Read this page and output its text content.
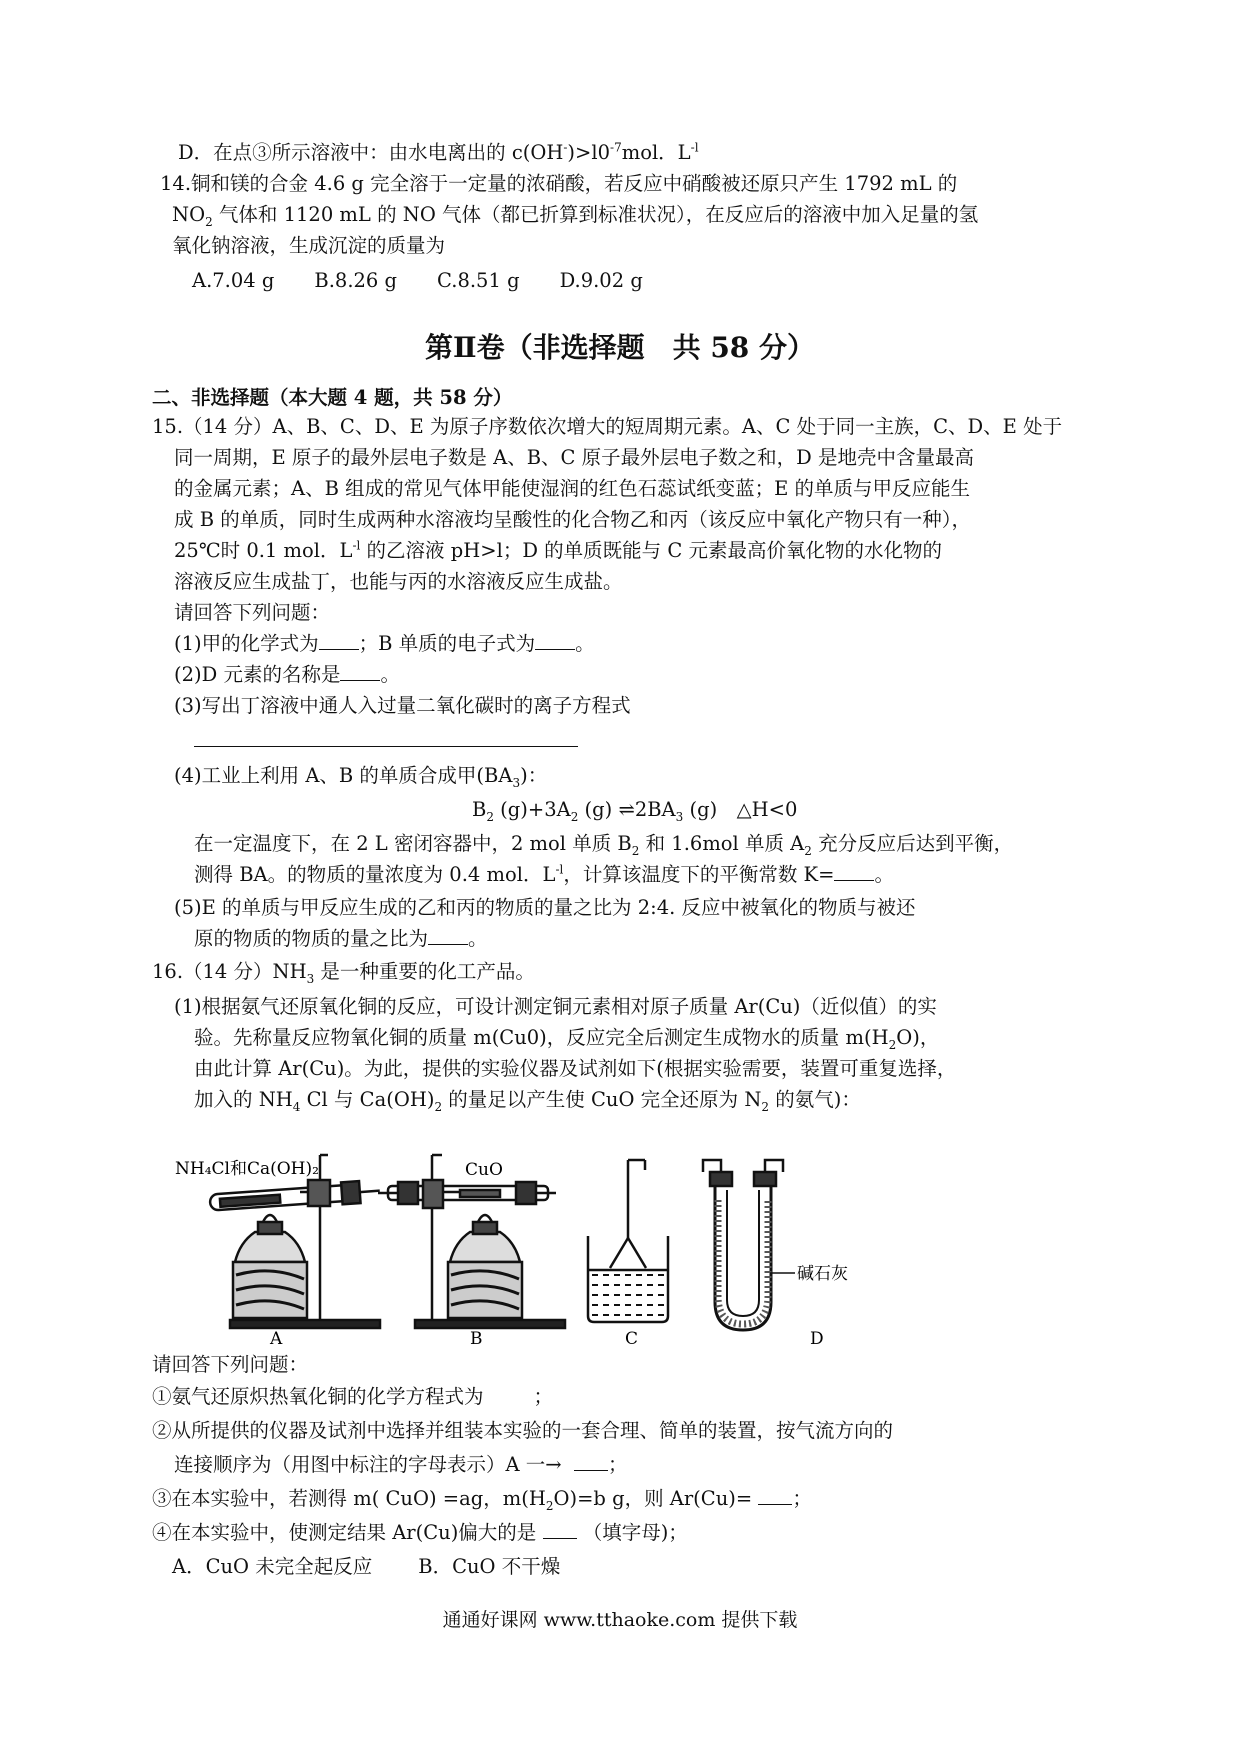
D．在点③所示溶液中：由水电离出的 $c(OH^-)>l0^{-7}mol$．$L^{-l}$
14.铜和镁的合金 4.6 g 完全溶于一定量的浓硝酸，若反应中硝酸被还原只产生 1792 mL 的
$NO_2$ 气体和 1120 mL 的 NO 气体（都已折算到标准状况），在反应后的溶液中加入足量的氢
氧化钠溶液，生成沉淀的质量为
A.7.04 g B.8.26 g C.8.51 g D.9.02 g
第Ⅱ卷（非选择题　共 58 分）
二、非选择题（本大题 4 题，共 58 分）
15.（14 分）A、B、C、D、E 为原子序数依次增大的短周期元素。A、C 处于同一主族，C、D、E 处于
同一周期，E 原子的最外层电子数是 A、B、C 原子最外层电子数之和，D 是地壳中含量最高
的金属元素；A、B 组成的常见气体甲能使湿润的红色石蕊试纸变蓝；E 的单质与甲反应能生
成 B 的单质，同时生成两种水溶液均呈酸性的化合物乙和丙（该反应中氧化产物只有一种），
25℃时 0.1 mol．$L^{-l}$ 的乙溶液 pH>l；D 的单质既能与 C 元素最高价氧化物的水化物的
溶液反应生成盐丁，也能与丙的水溶液反应生成盐。
请回答下列问题：
(1)甲的化学式为 ；B 单质的电子式为 。
(2)D 元素的名称是 。
(3)写出丁溶液中通人入过量二氧化碳时的离子方程式
(4)工业上利用 A、B 的单质合成甲$(BA_3)$：
$B_2$ $(g)+3A_2$ (g) $\rightleftharpoons 2BA_3$ (g)　△H<0
在一定温度下，在 2 L 密闭容器中，2 mol 单质 $B_2$ 和 1.6mol 单质 $A_2$ 充分反应后达到平衡，
测得 BA。的物质的量浓度为 0.4 mol．$L^{-l}$，计算该温度下的平衡常数 K= 。
(5)E 的单质与甲反应生成的乙和丙的物质的量之比为 2:4. 反应中被氧化的物质与被还
原的物质的物质的量之比为 。
16.（14 分）$NH_3$ 是一种重要的化工产品。
(1)根据氨气还原氧化铜的反应，可设计测定铜元素相对原子质量 Ar(Cu)（近似值）的实
验。先称量反应物氧化铜的质量 m(Cu0)，反应完全后测定生成物水的质量 $m(H_2O)$，
由此计算 Ar(Cu)。为此，提供的实验仪器及试剂如下(根据实验需要，装置可重复选择，
加入的 $NH_4$ Cl 与 $Ca(OH)_2$ 的量足以产生使 CuO 完全还原为 $N_2$ 的氨气)：
NH₄Cl和Ca(OH)₂	CuO
碱石灰
A	B	C	D
请回答下列问题：
①氨气还原炽热氧化铜的化学方程式为	；
②从所提供的仪器及试剂中选择并组装本实验的一套合理、简单的装置，按气流方向的
连接顺序为（用图中标注的字母表示）A 一→ ；
③在本实验中，若测得 m( CuO) =ag，$m(H_2O)=b$ g，则 Ar(Cu)= ；
④在本实验中，使测定结果 Ar(Cu)偏大的是 （填字母)；
A．CuO 未完全起反应 B．CuO 不干燥
通通好课网 www.tthaoke.com 提供下载
